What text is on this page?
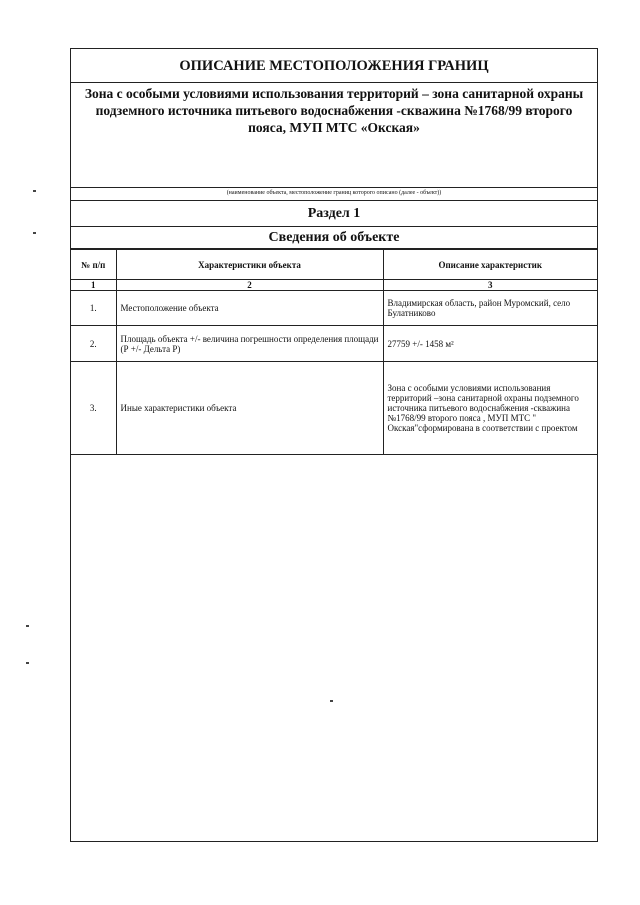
ОПИСАНИЕ МЕСТОПОЛОЖЕНИЯ ГРАНИЦ
Зона с особыми условиями использования территорий – зона санитарной охраны
подземного источника питьевого водоснабжения -скважина №1768/99 второго
пояса, МУП МТС «Окская»
(наименование объекта, местоположение границ которого описано (далее - объект))
Раздел 1
Сведения об объекте
№ п/п	Характеристики объекта	Описание характеристик
1	2	3
1.	Местоположение объекта	Владимирская область, район Муромский, село Булатниково
2.	Площадь объекта +/- величина погрешности определения площади (Р +/- Дельта Р)	27759 +/- 1458 м²
3.	Иные характеристики объекта	Зона с особыми условиями использования территорий –зона санитарной охраны подземного источника питьевого водоснабжения -скважина №1768/99 второго пояса , МУП МТС " Окская"сформирована в соответствии с проектом
